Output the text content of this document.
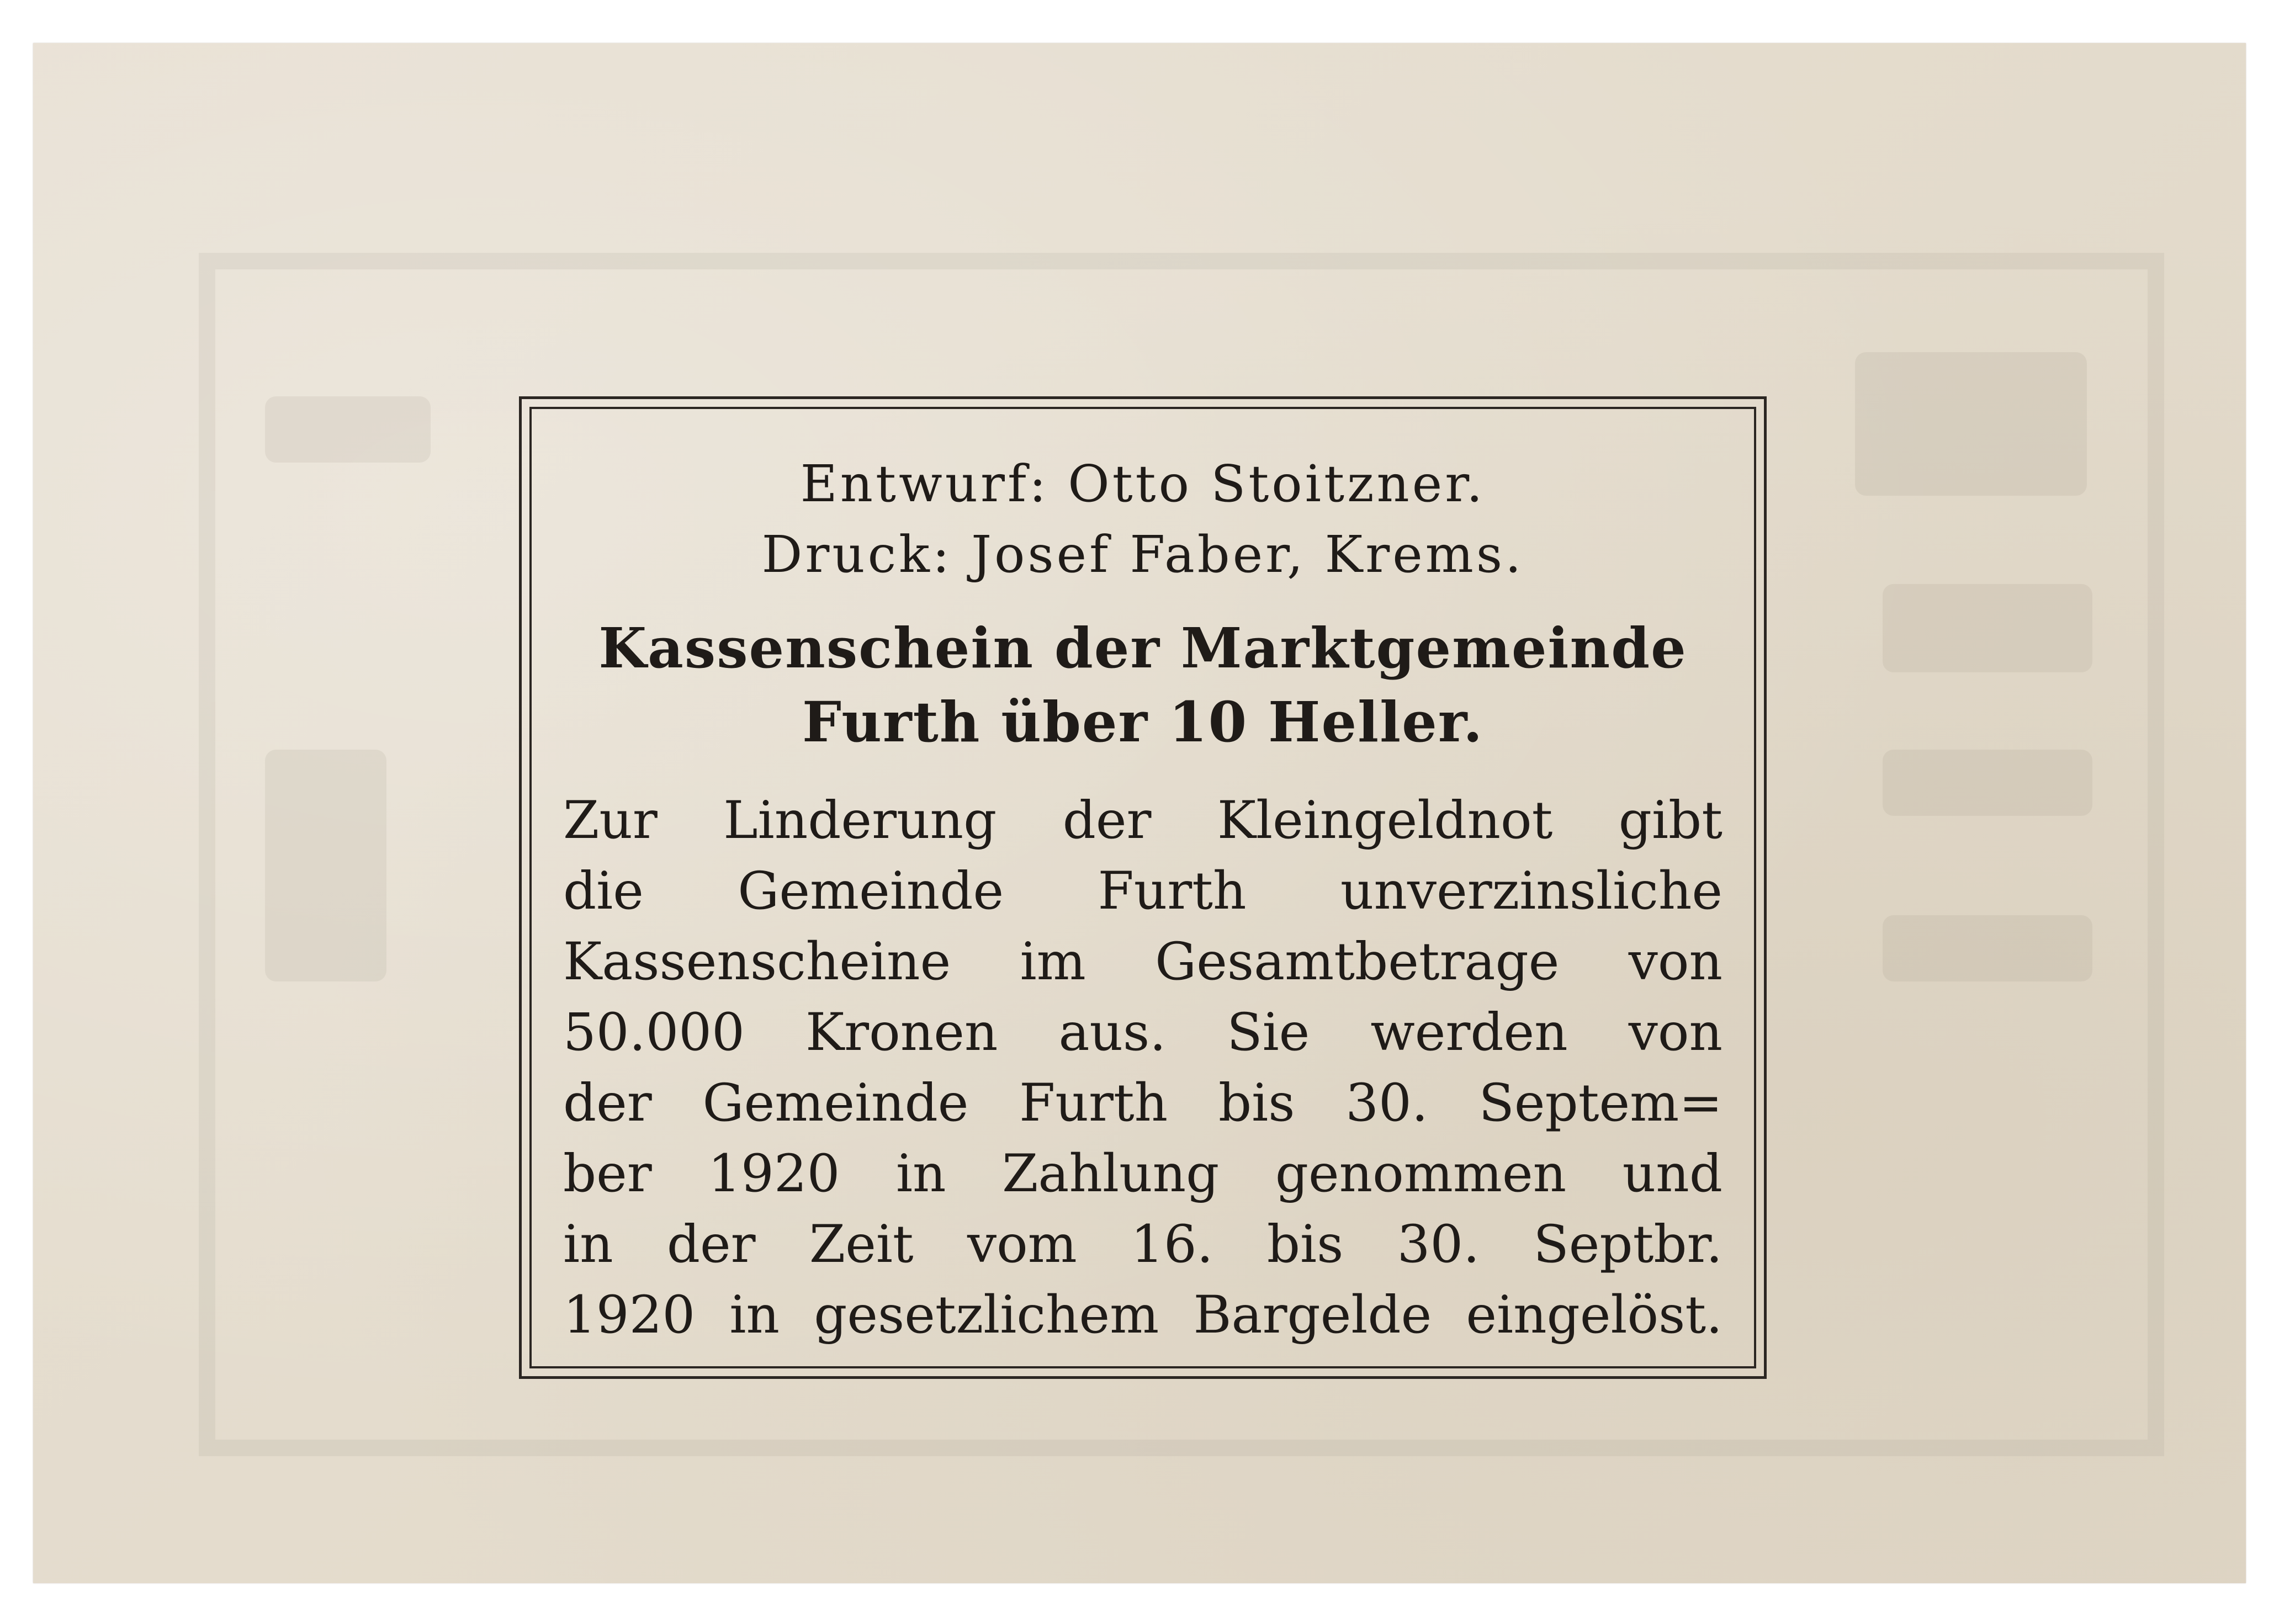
Entwurf: Otto Stoitzner.
Druck: Josef Faber, Krems.
Kassenschein der Marktgemeinde
Furth über 10 Heller.
Zur Linderung der Kleingeldnot gibt
die Gemeinde Furth unverzinsliche
Kassenscheine im Gesamtbetrage von
50.000 Kronen aus. Sie werden von
der Gemeinde Furth bis 30. Septem=
ber 1920 in Zahlung genommen und
in der Zeit vom 16. bis 30. Septbr.
1920 in gesetzlichem Bargelde eingelöst.
